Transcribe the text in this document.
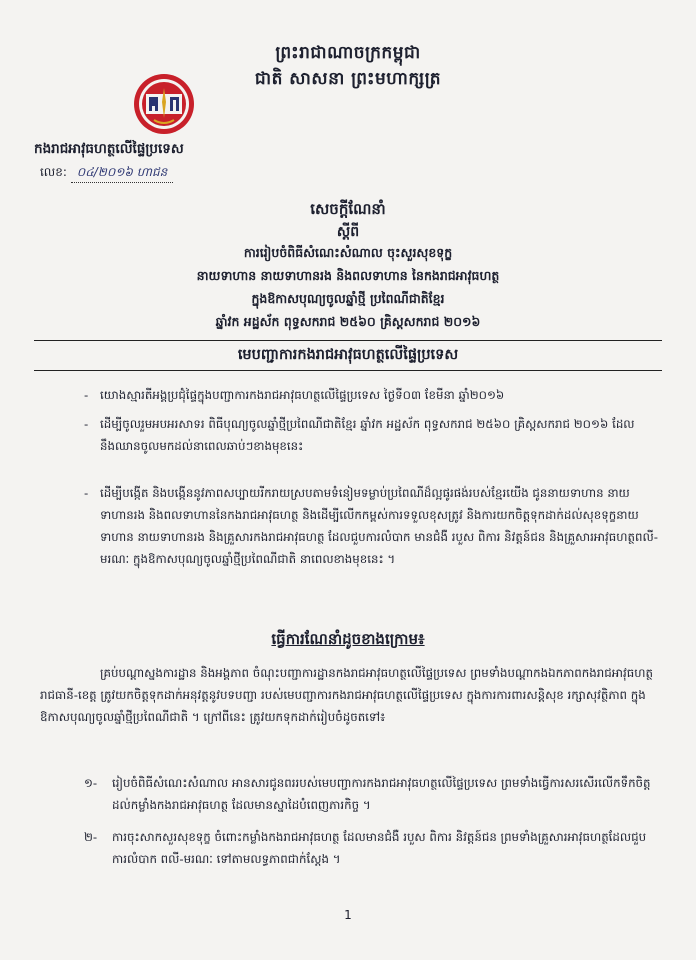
ព្រះរាជាណាចក្រកម្ពុជា
ជាតិ សាសនា ព្រះមហាក្សត្រ
កងរាជអាវុធហត្ថលើផ្ទៃប្រទេស
លេខ: ០៤/២០១៦ ហាជន
សេចក្តីណែនាំ
ស្តីពី
ការរៀបចំពិធីសំណេះសំណាល ចុះសួរសុខទុក្ខ
នាយទាហាន នាយទាហានរង និងពលទាហាន នៃកងរាជអាវុធហត្ថ
ក្នុងឱកាសបុណ្យចូលឆ្នាំថ្មី ប្រពៃណីជាតិខ្មែរ
ឆ្នាំវក អដ្ឋស័ក ពុទ្ធសករាជ ២៥៦០ គ្រិស្តសករាជ ២០១៦
មេបញ្ជាការកងរាជអាវុធហត្ថលើផ្ទៃប្រទេស
- យោងស្មារតីអង្គប្រជុំផ្ទៃក្នុងបញ្ជាការកងរាជអាវុធហត្ថលើផ្ទៃប្រទេស ថ្ងៃទី០៣ ខែមីនា ឆ្នាំ២០១៦
- ដើម្បីចូលរួមអបអរសាទរ ពិធីបុណ្យចូលឆ្នាំថ្មីប្រពៃណីជាតិខ្មែរ ឆ្នាំវក អដ្ឋស័ក ពុទ្ធសករាជ ២៥៦០ គ្រិស្តសករាជ ២០១៦ ដែលនឹងឈានចូលមកដល់នាពេលឆាប់ៗខាងមុខនេះ
- ដើម្បីបង្កើត និងបង្កើននូវភាពសប្បាយរីករាយស្របតាមទំនៀមទម្លាប់ប្រពៃណីដ៏ល្អផូរផង់របស់ខ្មែរយើង ជូននាយទាហាន នាយទាហានរង និងពលទាហាននៃកងរាជអាវុធហត្ថ និងដើម្បីលើកកម្ពស់ការទទួលខុសត្រូវ និងការយកចិត្តទុកដាក់ដល់សុខទុក្ខនាយទាហាន នាយទាហានរង និងគ្រួសារកងរាជអាវុធហត្ថ ដែលជួបការលំបាក មានជំងឺ របួស ពិការ និវត្តន៍ជន និងគ្រួសារអាវុធហត្ថពលី-មរណៈ ក្នុងឱកាសបុណ្យចូលឆ្នាំថ្មីប្រពៃណីជាតិ នាពេលខាងមុខនេះ ។
ធ្វើការណែនាំដូចខាងក្រោម៖
គ្រប់បណ្តាស្នងការដ្ឋាន និងអង្គភាព ចំណុះបញ្ជាការដ្ឋានកងរាជអាវុធហត្ថលើផ្ទៃប្រទេស ព្រមទាំងបណ្តាកងឯកភាពកងរាជអាវុធហត្ថរាជធានី-ខេត្ត ត្រូវយកចិត្តទុកដាក់អនុវត្តនូវបទបញ្ជា របស់មេបញ្ជាការកងរាជអាវុធហត្ថលើផ្ទៃប្រទេស ក្នុងការការពារសន្តិសុខ រក្សាសុវត្ថិភាព ក្នុងឱកាសបុណ្យចូលឆ្នាំថ្មីប្រពៃណីជាតិ ។ ក្រៅពីនេះ ត្រូវយកទុកដាក់រៀបចំដូចតទៅ៖
១- រៀបចំពិធីសំណេះសំណាល អានសារជូនពររបស់មេបញ្ជាការកងរាជអាវុធហត្ថលើផ្ទៃប្រទេស ព្រមទាំងធ្វើការសរសើរលើកទឹកចិត្ត ដល់កម្លាំងកងរាជអាវុធហត្ថ ដែលមានស្នាដៃបំពេញភារកិច្ច ។
២- ការចុះសាកសួរសុខទុក្ខ ចំពោះកម្លាំងកងរាជអាវុធហត្ថ ដែលមានជំងឺ របួស ពិការ និវត្តន៍ជន ព្រមទាំងគ្រួសារអាវុធហត្ថដែលជួបការលំបាក ពលី-មរណៈ ទៅតាមលទ្ធភាពជាក់ស្តែង ។
1
